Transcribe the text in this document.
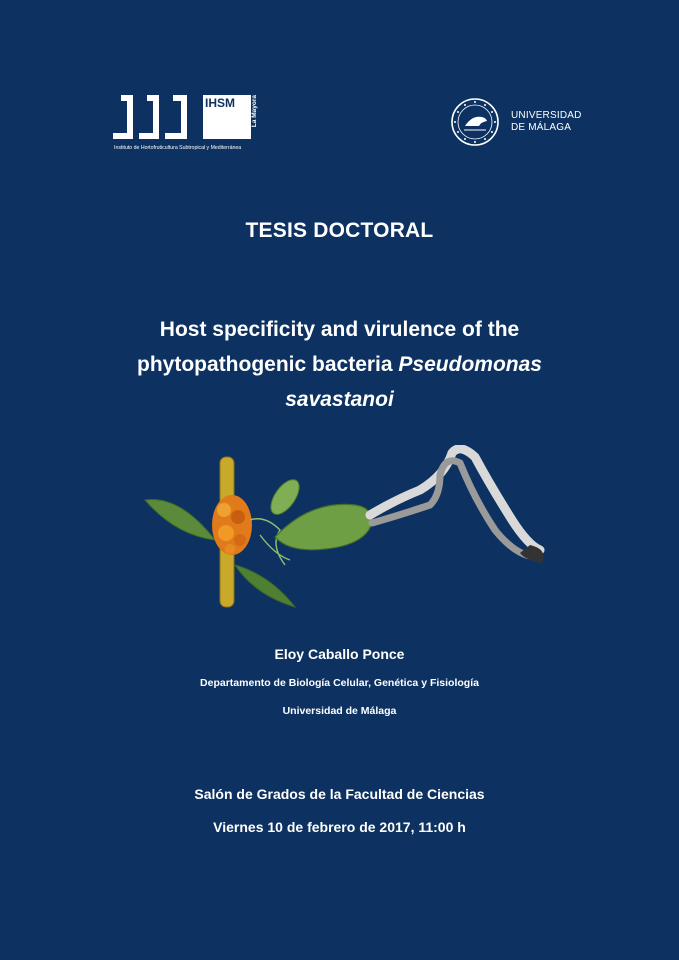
IHSM	La Mayora
Instituto de Hortofruticultura Subtropical y Mediterránea
UNIVERSIDAD
DE MÁLAGA
TESIS DOCTORAL
Host specificity and virulence of the
phytopathogenic bacteria Pseudomonas
savastanoi
Eloy Caballo Ponce
Departamento de Biología Celular, Genética y Fisiología
Universidad de Málaga
Salón de Grados de la Facultad de Ciencias
Viernes 10 de febrero de 2017, 11:00 h
